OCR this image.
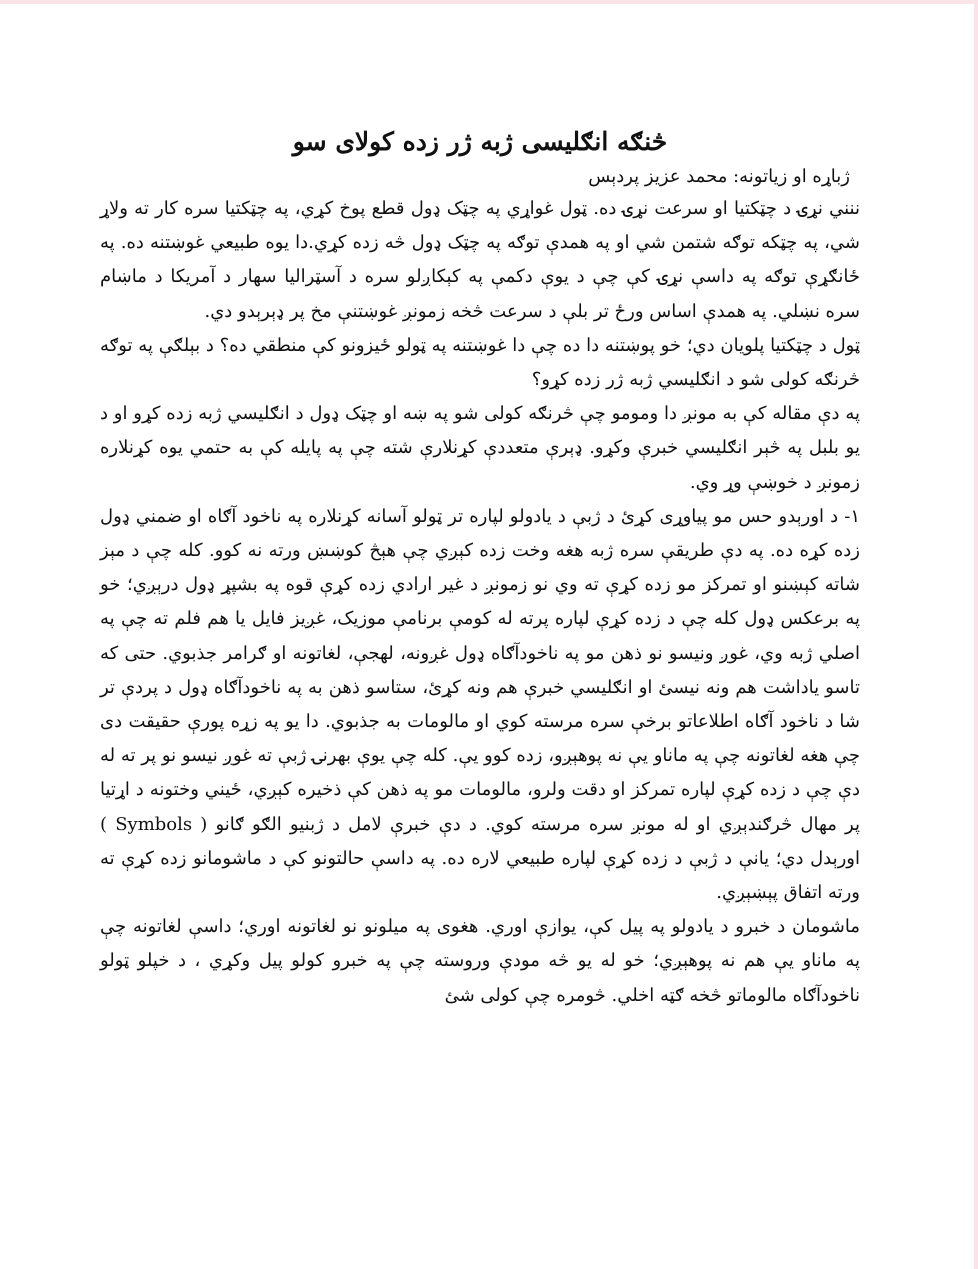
څنګه انګلیسی ژبه ژر زده کولای سو

ژباړه او زیاتونه: محمد عزیز پردېس

ننني نړۍ د چټکتیا او سرعت نړۍ ده. ټول غواړي په چټک ډول قطع پوخ کړي، په چټکتیا سره کار ته ولاړ شي، په چټکه توګه شتمن شي او په همدې توګه په چټک ډول څه زده کړي.دا یوه طبیعي غوښتنه ده. په ځانګړې توګه په داسې نړۍ کې چې د یوې دکمې په کېکاږلو سره د آسټرالیا سهار د آمریکا د ماښام سره نښلي. په همدې اساس ورځ تر بلې د سرعت څخه زمونږ غوښتنې مخ پر ډېرېدو دي.

ټول د چټکتیا پلویان دي؛ خو پوښتنه دا ده چې دا غوښتنه په ټولو ځیزونو کې منطقي ده؟ د بېلګې په توګه څرنګه کولی شو د انګلیسي ژبه ژر زده کړو؟

په دې مقاله کې به مونږ دا ومومو چې څرنګه کولی شو په ښه او چټک ډول د انګلیسي ژبه زده کړو او د یو بلبل په څېر انګلیسي خبرې وکړو. ډېرې متعددې کړنلارې شته چې په پایله کې به حتمي یوه کړنلاره زمونږ د خوښې وړ وي.

۱- د اورېدو حس مو پیاوړی کړئ د ژبې د یادولو لپاره تر ټولو آسانه کړنلاره په ناخود آګاه او ضمني ډول زده کړه ده. په دې طریقې سره ژبه هغه وخت زده کېږي چې هېڅ کوښښ ورته نه کوو. کله چې د مېز شاته کېښنو او تمرکز مو زده کړې ته وي نو زمونږ د غیر ارادي زده کړې قوه په بشپړ ډول درېږي؛ خو په برعکس ډول کله چې د زده کړې لپاره پرته له کومې برنامې موزیک، غږیز فایل یا هم فلم ته چې په اصلي ژبه وي، غوږ ونیسو نو ذهن مو په ناخودآګاه ډول غږونه، لهجې، لغاتونه او ګرامر جذبوي. حتی که تاسو یاداشت هم ونه نیسئ او انګلیسي خبرې هم ونه کړئ، ستاسو ذهن به په ناخودآګاه ډول د پردې تر شا د ناخود آګاه اطلاعاتو برخې سره مرسته کوي او مالومات به جذبوي. دا یو په زړه پورې حقیقت دی چې هغه لغاتونه چې په ماناو یې نه پوهېږو، زده کوو یې. کله چې یوې بهرنۍ ژبې ته غوږ نیسو نو پر ته له دې چې د زده کړې لپاره تمرکز او دقت ولرو، مالومات مو په ذهن کې ذخیره کېږي، ځیني وختونه د اړتیا پر مهال څرګندېږي او له مونږ سره مرسته کوي. د دې خبرې لامل د ژبنیو الګو ګانو ( Symbols ) اورېدل دي؛ یانې د ژبې د زده کړې لپاره طبیعي لاره ده. په داسې حالتونو کې د ماشومانو زده کړې ته ورته اتفاق پېښېږي.

ماشومان د خبرو د یادولو په پیل کې، یوازې اوري. هغوی په میلونو نو لغاتونه اوري؛ داسې لغاتونه چې په ماناو یې هم نه پوهېږي؛ خو له یو څه مودې وروسته چې په خبرو کولو پیل وکړي ، د خپلو ټولو ناخودآګاه مالوماتو څخه ګټه اخلي. څومره چې کولی شئ
